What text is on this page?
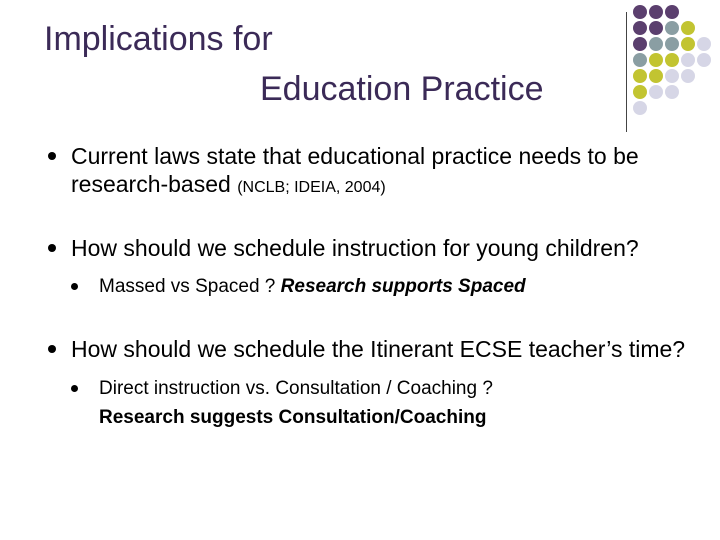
Implications for
Education Practice
Current laws state that educational practice needs to be research-based (NCLB; IDEIA, 2004)
How should we schedule instruction for young children?
Massed vs Spaced ? Research supports Spaced
How should we schedule the Itinerant ECSE teacher’s time?
Direct instruction vs. Consultation / Coaching ?
Research suggests Consultation/Coaching
